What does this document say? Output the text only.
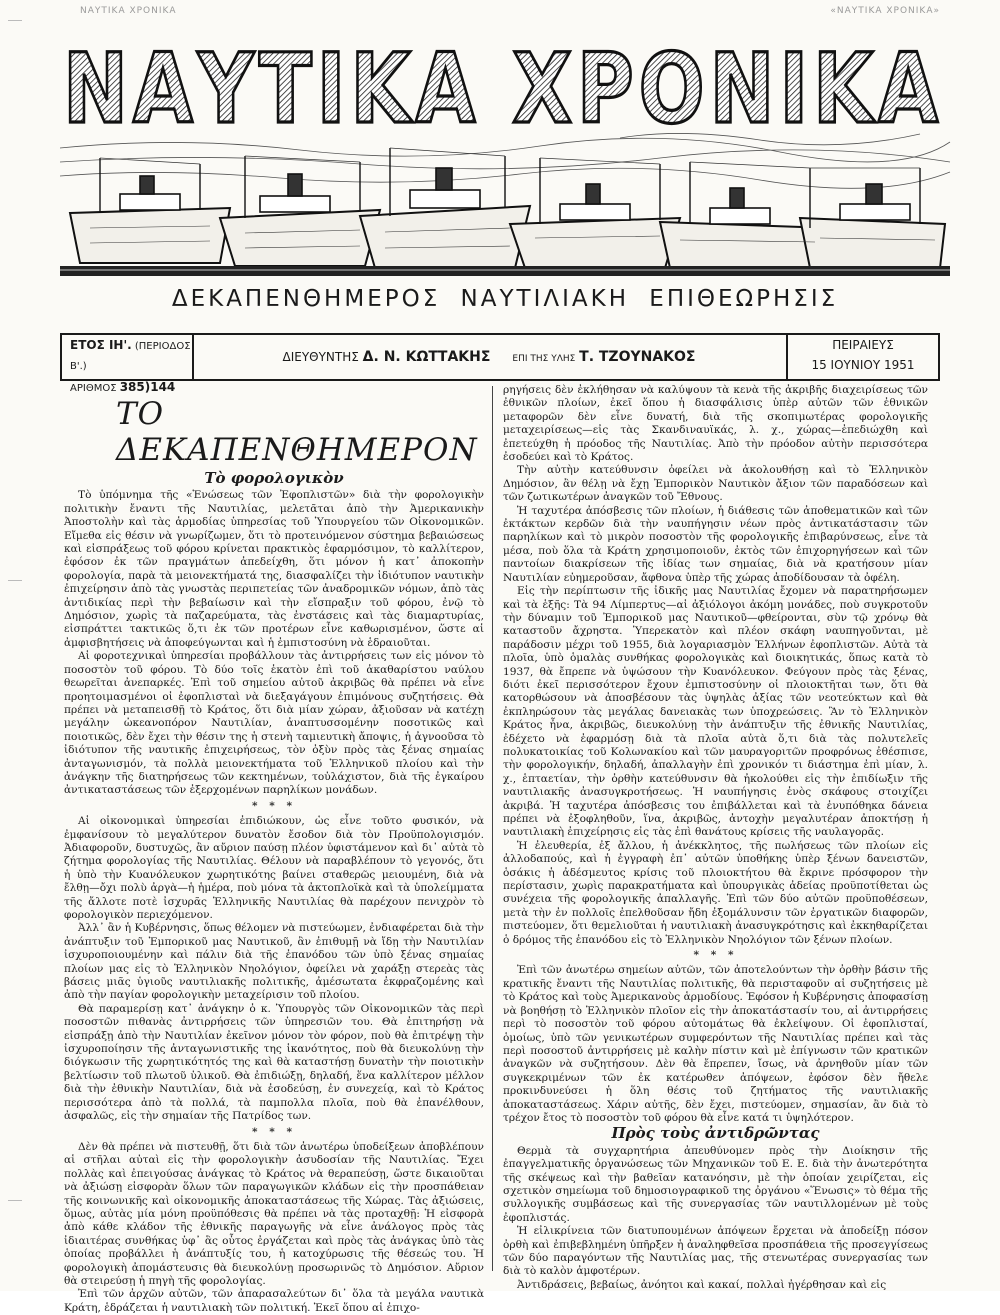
ΝΑΥΤΙΚΑ ΧΡΟΝΙΚΑ	«ΝΑΥΤΙΚΑ ΧΡΟΝΙΚΑ»
ΝΑΥΤΙΚΑ ΧΡΟΝΙΚΑ
ΔΕΚΑΠΕΝΘΗΜΕΡΟΣ ΝΑΥΤΙΛΙΑΚΗ ΕΠΙΘΕΩΡΗΣΙΣ
ΕΤΟΣ ΙΗ'. (ΠΕΡΙΟΔΟΣ Β'.)
ΑΡΙΘΜΟΣ 385)144
ΔΙΕΥΘΥΝΤΗΣ Δ. Ν. ΚΩΤΤΑΚΗΣ ΕΠΙ ΤΗΣ ΥΛΗΣ Τ. ΤΖΟΥΝΑΚΟΣ
ΠΕΙΡΑΙΕΥΣ
15 ΙΟΥΝΙΟΥ 1951
ΤΟ ΔΕΚΑΠΕΝΘΗΜΕΡΟΝ
Τὸ φορολογικὸν

Τὸ ὑπόμνημα τῆς «Ἑνώσεως τῶν Ἐφοπλιστῶν» διὰ τὴν φορολογικὴν πολιτικὴν ἔναντι τῆς Ναυτιλίας, μελετᾶται ἀπὸ τὴν Ἀμερικανικὴν Ἀποστολὴν καὶ τὰς ἁρμοδίας ὑπηρεσίας τοῦ Ὑπουργείου τῶν Οἰκονομικῶν. Εἴμεθα εἰς θέσιν νὰ γνωρίζωμεν, ὅτι τὸ προτεινόμενον σύστημα βεβαιώσεως καὶ εἰσπράξεως τοῦ φόρου κρίνεται πρακτικὸς ἐφαρμόσιμον, τὸ καλλίτερον, ἐφόσον ἐκ τῶν πραγμάτων ἀπεδείχθη, ὅτι μόνον ἡ κατ᾽ ἀποκοπὴν φορολογία, παρὰ τὰ μειονεκτήματά της, διασφαλίζει τὴν ἰδιότυπον ναυτικὴν ἐπιχείρησιν ἀπὸ τὰς γνωστὰς περιπετείας τῶν ἀναδρομικῶν νόμων, ἀπὸ τὰς ἀντιδικίας περὶ τὴν βεβαίωσιν καὶ τὴν εἴσπραξιν τοῦ φόρου, ἐνῷ τὸ Δημόσιον, χωρὶς τὰ παζαρεύματα, τὰς ἐνστάσεις καὶ τὰς διαμαρτυρίας, εἰσπράττει τακτικῶς ὅ,τι ἐκ τῶν προτέρων εἶνε καθωρισμένον, ὥστε αἱ ἀμφισβητήσεις νὰ ἀποφεύγωνται καὶ ἡ ἐμπιστοσύνη νὰ ἑδραιοῦται.

Αἱ φοροτεχνικαὶ ὑπηρεσίαι προβάλλουν τὰς ἀντιρρήσεις των εἰς μόνον τὸ ποσοστὸν τοῦ φόρου. Τὸ δύο τοῖς ἑκατὸν ἐπὶ τοῦ ἀκαθαρίστου ναύλου θεωρεῖται ἀνεπαρκές. Ἐπὶ τοῦ σημείου αὐτοῦ ἀκριβῶς θὰ πρέπει νὰ εἶνε προητοιμασμένοι οἱ ἐφοπλισταὶ νὰ διεξαγάγουν ἐπιμόνους συζητήσεις. Θὰ πρέπει νὰ μεταπεισθῇ τὸ Κράτος, ὅτι διὰ μίαν χώραν, ἀξιοῦσαν νὰ κατέχῃ μεγάλην ὠκεανοπόρον Ναυτιλίαν, ἀναπτυσσομένην ποσοτικῶς καὶ ποιοτικῶς, δὲν ἔχει τὴν θέσιν της ἡ στενὴ ταμιευτικὴ ἄποψις, ἡ ἀγνοοῦσα τὸ ἰδιότυπον τῆς ναυτικῆς ἐπιχειρήσεως, τὸν ὀξὺν πρὸς τὰς ξένας σημαίας ἀνταγωνισμόν, τὰ πολλὰ μειονεκτήματα τοῦ Ἑλληνικοῦ πλοίου καὶ τὴν ἀνάγκην τῆς διατηρήσεως τῶν κεκτημένων, τοὐλάχιστον, διὰ τῆς ἐγκαίρου ἀντικαταστάσεως τῶν ἐξερχομένων παρηλίκων μονάδων.

* * *

Αἱ οἰκονομικαὶ ὑπηρεσίαι ἐπιδιώκουν, ὡς εἶνε τοῦτο φυσικόν, νὰ ἐμφανίσουν τὸ μεγαλύτερον δυνατὸν ἔσοδον διὰ τὸν Προϋπολογισμόν. Ἀδιαφοροῦν, δυστυχῶς, ἂν αὔριον παύσῃ πλέον ὑφιστάμενον καὶ δι᾽ αὐτὰ τὸ ζήτημα φορολογίας τῆς Ναυτιλίας. Θέλουν νὰ παραβλέπουν τὸ γεγονός, ὅτι ἡ ὑπὸ τὴν Κυανόλευκον χωρητικότης βαίνει σταθερῶς μειουμένη, διὰ νὰ ἔλθῃ—ὄχι πολὺ ἀργὰ—ἡ ἡμέρα, ποὺ μόνα τὰ ἀκτοπλοϊκὰ καὶ τὰ ὑπολείμματα τῆς ἄλλοτε ποτὲ ἰσχυρᾶς Ἑλληνικῆς Ναυτιλίας θὰ παρέχουν πενιχρὸν τὸ φορολογικὸν περιεχόμενον.

Ἀλλ᾽ ἂν ἡ Κυβέρνησις, ὅπως θέλομεν νὰ πιστεύωμεν, ἐνδιαφέρεται διὰ τὴν ἀνάπτυξιν τοῦ Ἐμπορικοῦ μας Ναυτικοῦ, ἂν ἐπιθυμῇ νὰ ἴδῃ τὴν Ναυτιλίαν ἰσχυροποιουμένην καὶ πάλιν διὰ τῆς ἐπανόδου τῶν ὑπὸ ξένας σημαίας πλοίων μας εἰς τὸ Ἑλληνικὸν Νηολόγιον, ὀφείλει νὰ χαράξῃ στερεὰς τὰς βάσεις μιᾶς ὑγιοῦς ναυτιλιακῆς πολιτικῆς, ἀμέσωτατα ἐκφραζομένης καὶ ἀπὸ τὴν παγίαν φορολογικὴν μεταχείρισιν τοῦ πλοίου.

Θὰ παραμερίσῃ κατ᾽ ἀνάγκην ὁ κ. Ὑπουργὸς τῶν Οἰκονομικῶν τὰς περὶ ποσοστῶν πιθανὰς ἀντιρρήσεις τῶν ὑπηρεσιῶν του. Θὰ ἐπιτηρήσῃ νὰ εἰσπράξῃ ἀπὸ τὴν Ναυτιλίαν ἐκεῖνον μόνον τὸν φόρον, ποὺ θὰ ἐπιτρέψῃ τὴν ἰσχυροποίησιν τῆς ἀνταγωνιστικῆς της ἱκανότητος, ποὺ θὰ διευκολύνῃ τὴν διόγκωσιν τῆς χωρητικότητός της καὶ θὰ καταστήσῃ δυνατὴν τὴν ποιοτικὴν βελτίωσιν τοῦ πλωτοῦ ὑλικοῦ. Θὰ ἐπιδιώξῃ, δηλαδή, ἕνα καλλίτερον μέλλον διὰ τὴν ἐθνικὴν Ναυτιλίαν, διὰ νὰ ἐσοδεύσῃ, ἐν συνεχείᾳ, καὶ τὸ Κράτος περισσότερα ἀπὸ τὰ πολλά, τὰ παμπολλα πλοῖα, ποὺ θὰ ἐπανέλθουν, ἀσφαλῶς, εἰς τὴν σημαίαν τῆς Πατρίδος των.

* * *

Δὲν θὰ πρέπει νὰ πιστευθῇ, ὅτι διὰ τῶν ἀνωτέρω ὑποδείξεων ἀποβλέπουν αἱ στῆλαι αὐταὶ εἰς τὴν φορολογικὴν ἀσυδοσίαν τῆς Ναυτιλίας. Ἔχει πολλὰς καὶ ἐπειγούσας ἀνάγκας τὸ Κράτος νὰ θεραπεύσῃ, ὥστε δικαιοῦται νὰ ἀξιώσῃ εἰσφορὰν ὅλων τῶν παραγωγικῶν κλάδων εἰς τὴν προσπάθειαν τῆς κοινωνικῆς καὶ οἰκονομικῆς ἀποκαταστάσεως τῆς Χώρας. Τὰς ἀξιώσεις, ὅμως, αὐτὰς μία μόνη προϋπόθεσις θὰ πρέπει νὰ τὰς προταχθῇ: Ἡ εἰσφορὰ ἀπὸ κάθε κλάδον τῆς ἐθνικῆς παραγωγῆς νὰ εἶνε ἀνάλογος πρὸς τὰς ἰδιαιτέρας συνθήκας ὑφ᾽ ἃς οὗτος ἐργάζεται καὶ πρὸς τὰς ἀνάγκας ὑπὸ τὰς ὁποίας προβάλλει ἡ ἀνάπτυξίς του, ἡ κατοχύρωσις τῆς θέσεώς του. Ἡ φορολογικὴ ἀπομάστευσις θὰ διευκολύνῃ προσωρινῶς τὸ Δημόσιον. Αὔριον θὰ στειρεύσῃ ἡ πηγὴ τῆς φορολογίας.

Ἐπὶ τῶν ἀρχῶν αὐτῶν, τῶν ἀπαρασαλεύτων δι᾽ ὅλα τὰ μεγάλα ναυτικὰ Κράτη, ἑδράζεται ἡ ναυτιλιακὴ τῶν πολιτική. Ἐκεῖ ὅπου αἱ ἐπιχο-

ρηγήσεις δὲν ἐκλήθησαν νὰ καλύψουν τὰ κενὰ τῆς ἀκριβῆς διαχειρίσεως τῶν ἐθνικῶν πλοίων, ἐκεῖ ὅπου ἡ διασφάλισις ὑπὲρ αὐτῶν τῶν ἐθνικῶν μεταφορῶν δὲν εἶνε δυνατή, διὰ τῆς σκοπιμωτέρας φορολογικῆς μεταχειρίσεως—εἰς τὰς Σκανδιναυϊκάς, λ. χ., χώρας—ἐπεδιώχθη καὶ ἐπετεύχθη ἡ πρόοδος τῆς Ναυτιλίας. Ἀπὸ τὴν πρόοδον αὐτὴν περισσότερα ἐσοδεύει καὶ τὸ Κράτος.

Τὴν αὐτὴν κατεύθυνσιν ὀφείλει νὰ ἀκολουθήσῃ καὶ τὸ Ἑλληνικὸν Δημόσιον, ἂν θέλῃ νὰ ἔχῃ Ἐμπορικὸν Ναυτικὸν ἄξιον τῶν παραδόσεων καὶ τῶν ζωτικωτέρων ἀναγκῶν τοῦ Ἔθνους.

Ἡ ταχυτέρα ἀπόσβεσις τῶν πλοίων, ἡ διάθεσις τῶν ἀποθεματικῶν καὶ τῶν ἐκτάκτων κερδῶν διὰ τὴν ναυπήγησιν νέων πρὸς ἀντικατάστασιν τῶν παρηλίκων καὶ τὸ μικρὸν ποσοστὸν τῆς φορολογικῆς ἐπιβαρύνσεως, εἶνε τὰ μέσα, ποὺ ὅλα τὰ Κράτη χρησιμοποιοῦν, ἐκτὸς τῶν ἐπιχορηγήσεων καὶ τῶν παντοίων διακρίσεων τῆς ἰδίας των σημαίας, διὰ νὰ κρατήσουν μίαν Ναυτιλίαν εὐημεροῦσαν, ἄφθονα ὑπὲρ τῆς χώρας ἀποδίδουσαν τὰ ὀφέλη.

Εἰς τὴν περίπτωσιν τῆς ἰδικῆς μας Ναυτιλίας ἔχομεν νὰ παρατηρήσωμεν καὶ τὰ ἑξῆς: Τὰ 94 Λίμπερτυς—αἱ ἀξιόλογοι ἀκόμη μονάδες, ποὺ συγκροτοῦν τὴν δύναμιν τοῦ Ἐμπορικοῦ μας Ναυτικοῦ—φθείρονται, σὺν τῷ χρόνῳ θὰ καταστοῦν ἄχρηστα. Ὑπερεκατὸν καὶ πλέον σκάφη ναυπηγοῦνται, μὲ παράδοσιν μέχρι τοῦ 1955, διὰ λογαριασμὸν Ἑλλήνων ἐφοπλιστῶν. Αὐτὰ τὰ πλοῖα, ὑπὸ ὁμαλὰς συνθήκας φορολογικὰς καὶ διοικητικάς, ὅπως κατὰ τὸ 1937, θὰ ἔπρεπε νὰ ὑψώσουν τὴν Κυανόλευκον. Φεύγουν πρὸς τὰς ξένας, διότι ἐκεῖ περισσότερον ἔχουν ἐμπιστοσύνην οἱ πλοιοκτῆται των, ὅτι θὰ κατορθώσουν νὰ ἀποσβέσουν τὰς ὑψηλὰς ἀξίας τῶν νεοτεύκτων καὶ θὰ ἐκπληρώσουν τὰς μεγάλας δανειακὰς των ὑποχρεώσεις. Ἂν τὸ Ἑλληνικὸν Κράτος ἦνα, ἀκριβῶς, διευκολύνῃ τὴν ἀνάπτυξιν τῆς ἐθνικῆς Ναυτιλίας, ἐδέχετο νὰ ἐφαρμόσῃ διὰ τὰ πλοῖα αὐτὰ ὅ,τι διὰ τὰς πολυτελεῖς πολυκατοικίας τοῦ Κολωνακίου καὶ τῶν μαυραγοριτῶν προφρόνως ἐθέσπισε, τὴν φορολογικήν, δηλαδή, ἀπαλλαγὴν ἐπὶ χρονικόν τι διάστημα ἐπὶ μίαν, λ. χ., ἑπταετίαν, τὴν ὀρθὴν κατεύθυνσιν θὰ ἠκολούθει εἰς τὴν ἐπιδίωξιν τῆς ναυτιλιακῆς ἀνασυγκροτήσεως. Ἡ ναυπήγησις ἑνὸς σκάφους στοιχίζει ἀκριβά. Ἡ ταχυτέρα ἀπόσβεσις του ἐπιβάλλεται καὶ τὰ ἐνυπόθηκα δάνεια πρέπει νὰ ἐξοφληθοῦν, ἵνα, ἀκριβῶς, ἀντοχὴν μεγαλυτέραν ἀποκτήσῃ ἡ ναυτιλιακὴ ἐπιχείρησις εἰς τὰς ἐπὶ θανάτους κρίσεις τῆς ναυλαγορᾶς.

Ἡ ἐλευθερία, ἐξ ἄλλου, ἡ ἀνέκκλητος, τῆς πωλήσεως τῶν πλοίων εἰς ἀλλοδαπούς, καὶ ἡ ἐγγραφὴ ἐπ᾽ αὐτῶν ὑποθήκης ὑπὲρ ξένων δανειστῶν, ὁσάκις ἡ ἀδέσμευτος κρίσις τοῦ πλοιοκτήτου θὰ ἔκρινε πρόσφορον τὴν περίστασιν, χωρὶς παρακρατήματα καὶ ὑπουργικὰς ἀδείας προϋποτίθεται ὡς συνέχεια τῆς φορολογικῆς ἀπαλλαγῆς. Ἐπὶ τῶν δύο αὐτῶν προϋποθέσεων, μετὰ τὴν ἐν πολλοῖς ἐπελθοῦσαν ἤδη ἐξομάλυνσιν τῶν ἐργατικῶν διαφορῶν, πιστεύομεν, ὅτι θεμελιοῦται ἡ ναυτιλιακὴ ἀνασυγκρότησις καὶ ἐκκηθαρίζεται ὁ δρόμος τῆς ἐπανόδου εἰς τὸ Ἑλληνικὸν Νηολόγιον τῶν ξένων πλοίων.

* * *

Ἐπὶ τῶν ἀνωτέρω σημείων αὐτῶν, τῶν ἀποτελούντων τὴν ὀρθὴν βάσιν τῆς κρατικῆς ἔναντι τῆς Ναυτιλίας πολιτικῆς, θὰ περισταφοῦν αἱ συζητήσεις μὲ τὸ Κράτος καὶ τοὺς Ἀμερικανοὺς ἁρμοδίους. Ἐφόσον ἡ Κυβέρνησις ἀποφασίσῃ νὰ βοηθήσῃ τὸ Ἑλληνικὸν πλοῖον εἰς τὴν ἀποκατάστασίν του, αἱ ἀντιρρήσεις περὶ τὸ ποσοστὸν τοῦ φόρου αὐτομάτως θὰ ἐκλείψουν. Οἱ ἐφοπλισταί, ὁμοίως, ὑπὸ τῶν γενικωτέρων συμφερόντων τῆς Ναυτιλίας πρέπει καὶ τὰς περὶ ποσοστοῦ ἀντιρρήσεις μὲ καλὴν πίστιν καὶ μὲ ἐπίγνωσιν τῶν κρατικῶν ἀναγκῶν νὰ συζητήσουν. Δὲν θὰ ἔπρεπεν, ἴσως, νὰ ἀρνηθοῦν μίαν τῶν συγκεκριμένων τῶν ἐκ κατέρωθεν ἀπόψεων, ἐφόσον δὲν ἤθελε προκινδυνεύσει ἡ ὅλη θέσις τοῦ ζητήματος τῆς ναυτιλιακῆς ἀποκαταστάσεως. Χάριν αὐτῆς, δὲν ἔχει, πιστεύομεν, σημασίαν, ἂν διὰ τὸ τρέχον ἔτος τὸ ποσοστὸν τοῦ φόρου θὰ εἶνε κατά τι ὑψηλότερον.

Πρὸς τοὺς ἀντιδρῶντας

Θερμὰ τὰ συγχαρητήρια ἀπευθύνομεν πρὸς τὴν Διοίκησιν τῆς ἐπαγγελματικῆς ὀργανώσεως τῶν Μηχανικῶν τοῦ Ε. Ε. διὰ τὴν ἀνωτερότητα τῆς σκέψεως καὶ τὴν βαθεῖαν κατανόησιν, μὲ τὴν ὁποίαν χειρίζεται, εἰς σχετικὸν σημείωμα τοῦ δημοσιογραφικοῦ της ὀργάνου «Ἕνωσις» τὸ θέμα τῆς συλλογικῆς συμβάσεως καὶ τῆς συνεργασίας τῶν ναυτιλλομένων μὲ τοὺς ἐφοπλιστάς.

Ἡ εἰλικρίνεια τῶν διατυπουμένων ἀπόψεων ἔρχεται νὰ ἀποδείξῃ πόσον ὀρθὴ καὶ ἐπιβεβλημένη ὑπῆρξεν ἡ ἀναληφθεῖσα προσπάθεια τῆς προσεγγίσεως τῶν δύο παραγόντων τῆς Ναυτιλίας μας, τῆς στενωτέρας συνεργασίας των διὰ τὸ καλὸν ἀμφοτέρων.

Ἀντιδράσεις, βεβαίως, ἀνόητοι καὶ κακαί, πολλαὶ ἠγέρθησαν καὶ εἰς
